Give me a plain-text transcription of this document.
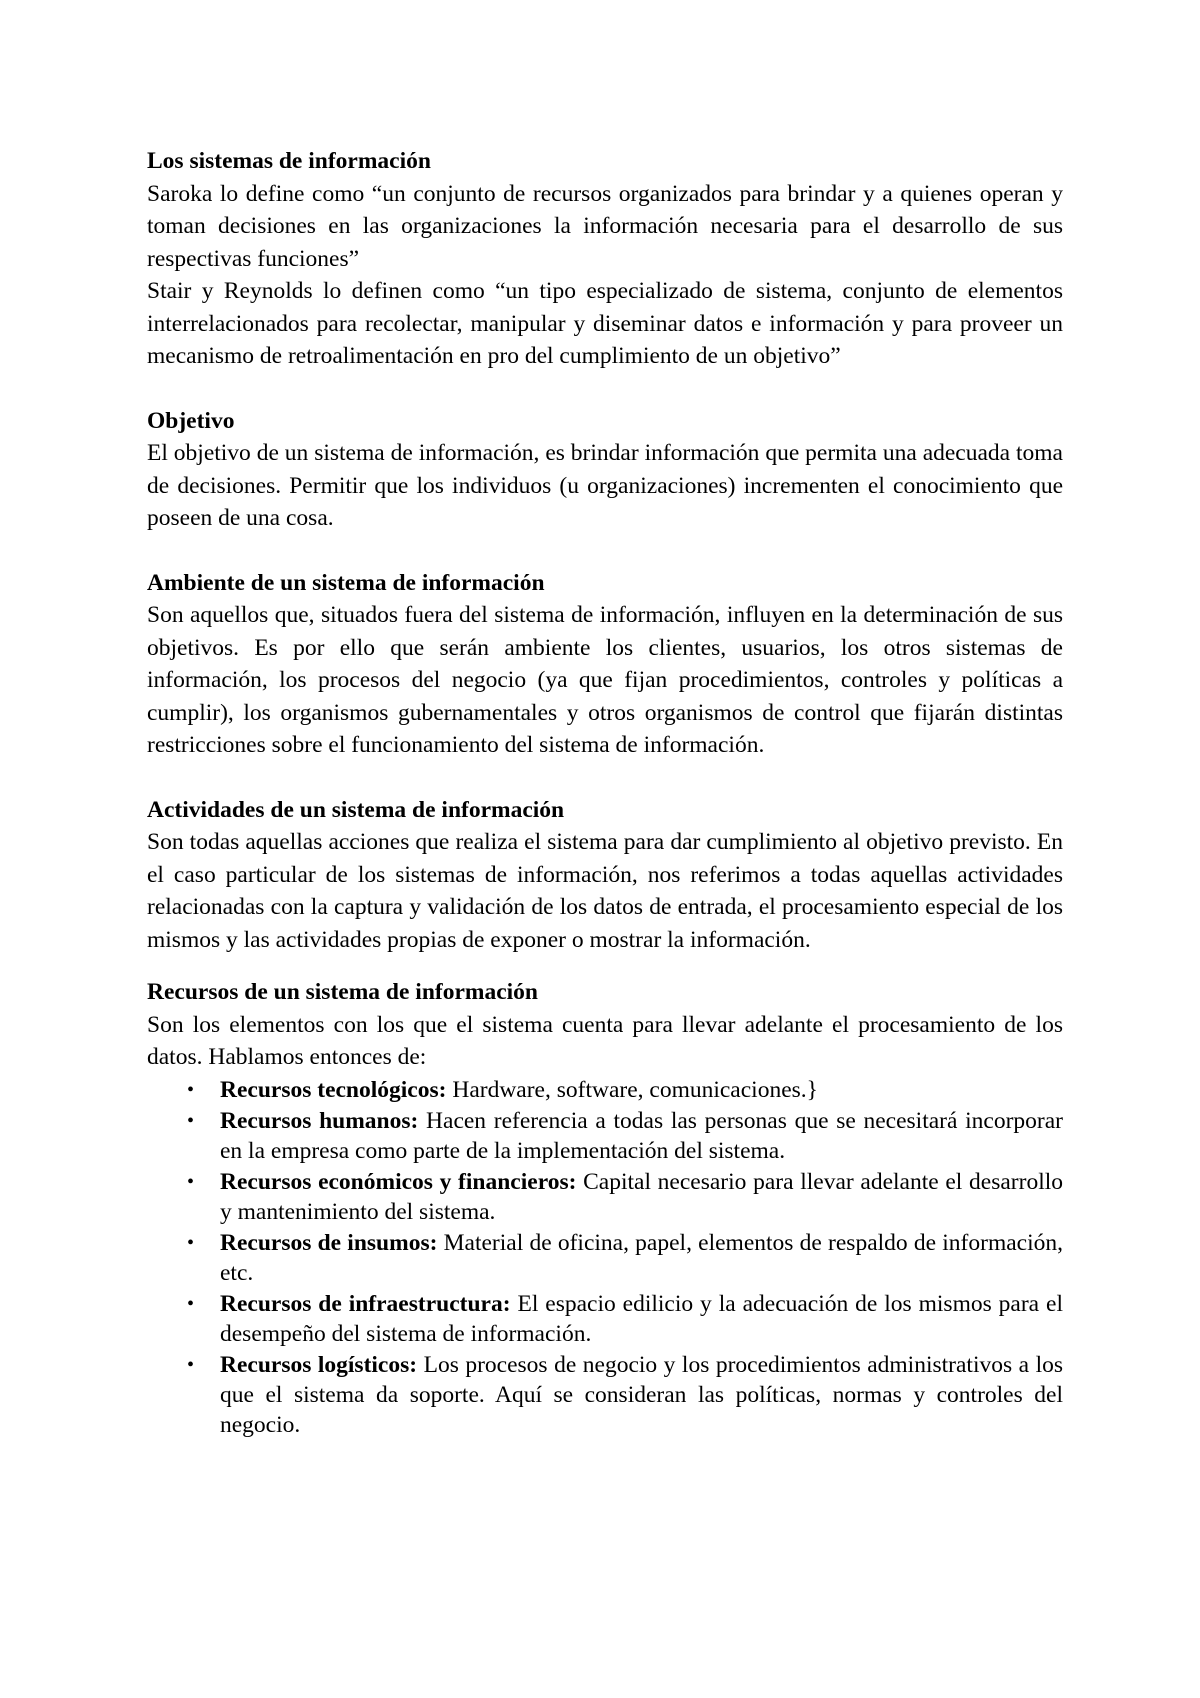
Los sistemas de información

Saroka lo define como “un conjunto de recursos organizados para brindar y a quienes operan y toman decisiones en las organizaciones la información necesaria para el desarrollo de sus respectivas funciones”

Stair y Reynolds lo definen como “un tipo especializado de sistema, conjunto de elementos interrelacionados para recolectar, manipular y diseminar datos e información y para proveer un mecanismo de retroalimentación en pro del cumplimiento de un objetivo”

Objetivo

El objetivo de un sistema de información, es brindar información que permita una adecuada toma de decisiones. Permitir que los individuos (u organizaciones) incrementen el conocimiento que poseen de una cosa.

Ambiente de un sistema de información

Son aquellos que, situados fuera del sistema de información, influyen en la determinación de sus objetivos. Es por ello que serán ambiente los clientes, usuarios, los otros sistemas de información, los procesos del negocio (ya que fijan procedimientos, controles y políticas a cumplir), los organismos gubernamentales y otros organismos de control que fijarán distintas restricciones sobre el funcionamiento del sistema de información.

Actividades de un sistema de información

Son todas aquellas acciones que realiza el sistema para dar cumplimiento al objetivo previsto. En el caso particular de los sistemas de información, nos referimos a todas aquellas actividades relacionadas con la captura y validación de los datos de entrada, el procesamiento especial de los mismos y las actividades propias de exponer o mostrar la información.

Recursos de un sistema de información

Son los elementos con los que el sistema cuenta para llevar adelante el procesamiento de los datos. Hablamos entonces de:

• Recursos tecnológicos: Hardware, software, comunicaciones.}
• Recursos humanos: Hacen referencia a todas las personas que se necesitará incorporar en la empresa como parte de la implementación del sistema.
• Recursos económicos y financieros: Capital necesario para llevar adelante el desarrollo y mantenimiento del sistema.
• Recursos de insumos: Material de oficina, papel, elementos de respaldo de información, etc.
• Recursos de infraestructura: El espacio edilicio y la adecuación de los mismos para el desempeño del sistema de información.
• Recursos logísticos: Los procesos de negocio y los procedimientos administrativos a los que el sistema da soporte. Aquí se consideran las políticas, normas y controles del negocio.
